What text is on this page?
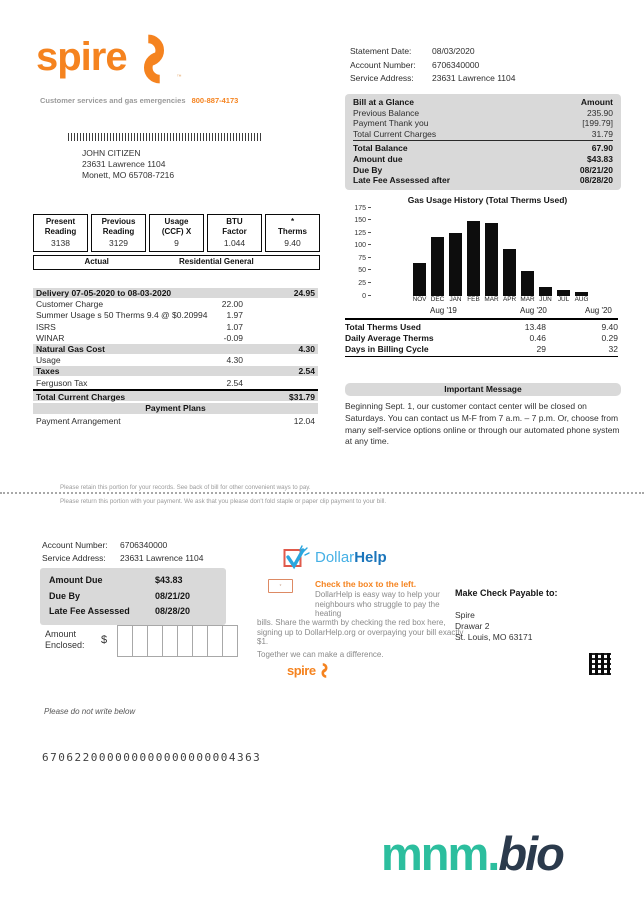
spire	™
Customer services and gas emergencies 800-887-4173
JOHN CITIZEN
23631 Lawrence 1104
Monett, MO 65708-7216
Statement Date: 08/03/2020
Account Number: 6706340000
Service Address: 23631 Lawrence 1104
Bill at a Glance	Amount
Previous Balance	235.90
Payment Thank you	[199.79]
Total Current Charges	31.79
Total Balance	67.90
Amount due	$43.83
Due By	08/21/20
Late Fee Assessed after	08/28/20
Gas Usage History (Total Therms Used)
0
25
50
75
100
125
150
175
NOV DEC JAN FEB MAR APR MAR JUN JUL AUG
Aug '19	Aug '20	Aug '20
Total Therms Used	13.48	9.40
Daily Average Therms	0.46	0.29
Days in Billing Cycle	29	32
Important Message
Beginning Sept. 1, our customer contact center will be closed on Saturdays. You can contact us M-F from 7 a.m. – 7 p.m. Or, choose from many self-service options online or through our automated phone system at any time.
Present
Reading
3138
Previous
Reading
3129
Usage
(CCF) X
9
BTU
Factor
1.044
*
Therms
9.40
Actual	Residential General
Delivery 07-05-2020 to 08-03-2020	24.95
Customer Charge	22.00
Summer Usage s 50 Therms 9.4 @ $0.20994	1.97
ISRS	1.07
WINAR	-0.09
Natural Gas Cost	4.30
Usage	4.30
Taxes	2.54
Ferguson Tax	2.54
Total Current Charges	$31.79
Payment Plans
Payment Arrangement	12.04
Please retain this portion for your records. See back of bill for other convenient ways to pay.
Please return this portion with your payment. We ask that you please don't fold staple or paper clip payment to your bill.
Account Number: 6706340000
Service Address: 23631 Lawrence 1104
Amount Due	$43.83
Due By	08/21/20
Late Fee Assessed	08/28/20
Amount Enclosed:	$
DollarHelp
*	Check the box to the left.
DollarHelp is easy way to help your neighbours who struggle to pay the heating
bills. Share the warmth by checking the red box here, signing up to DollarHelp.org or overpaying your bill exactly $1.
Together we can make a difference.
spire
Make Check Payable to:
Spire
Drawar 2
St. Louis, MO 63171
Please do not write below
670622000000000000000004363
mnm.bio
